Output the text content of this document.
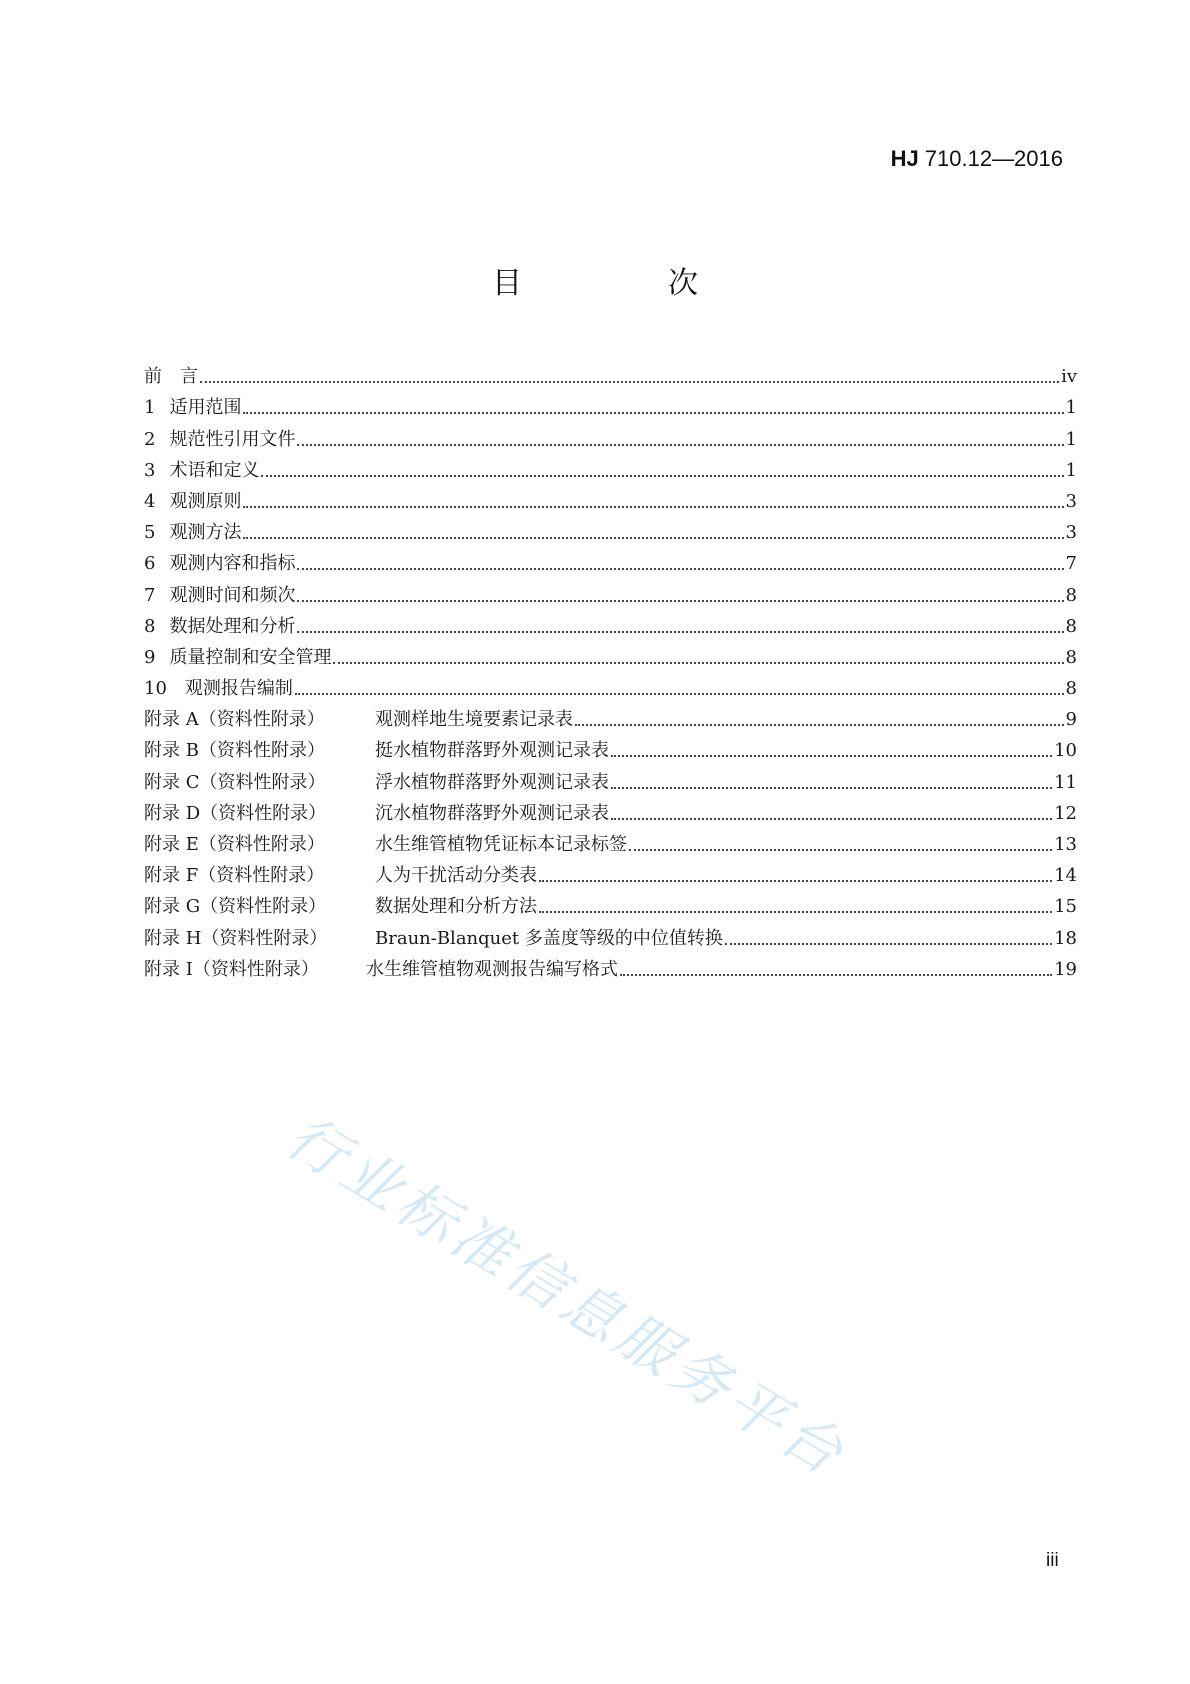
HJ 710.12—2016
目　次
前　言	iv
1 适用范围	1
2 规范性引用文件	1
3 术语和定义	1
4 观测原则	3
5 观测方法	3
6 观测内容和指标	7
7 观测时间和频次	8
8 数据处理和分析	8
9 质量控制和安全管理	8
10 观测报告编制	8
附录 A（资料性附录）	观测样地生境要素记录表	9
附录 B（资料性附录）	挺水植物群落野外观测记录表	10
附录 C（资料性附录）	浮水植物群落野外观测记录表	11
附录 D（资料性附录）	沉水植物群落野外观测记录表	12
附录 E（资料性附录）	水生维管植物凭证标本记录标签	13
附录 F（资料性附录）	人为干扰活动分类表	14
附录 G（资料性附录）	数据处理和分析方法	15
附录 H（资料性附录）	Braun-Blanquet 多盖度等级的中位值转换	18
附录 I（资料性附录）	水生维管植物观测报告编写格式	19
行业标准信息服务平台
iii
